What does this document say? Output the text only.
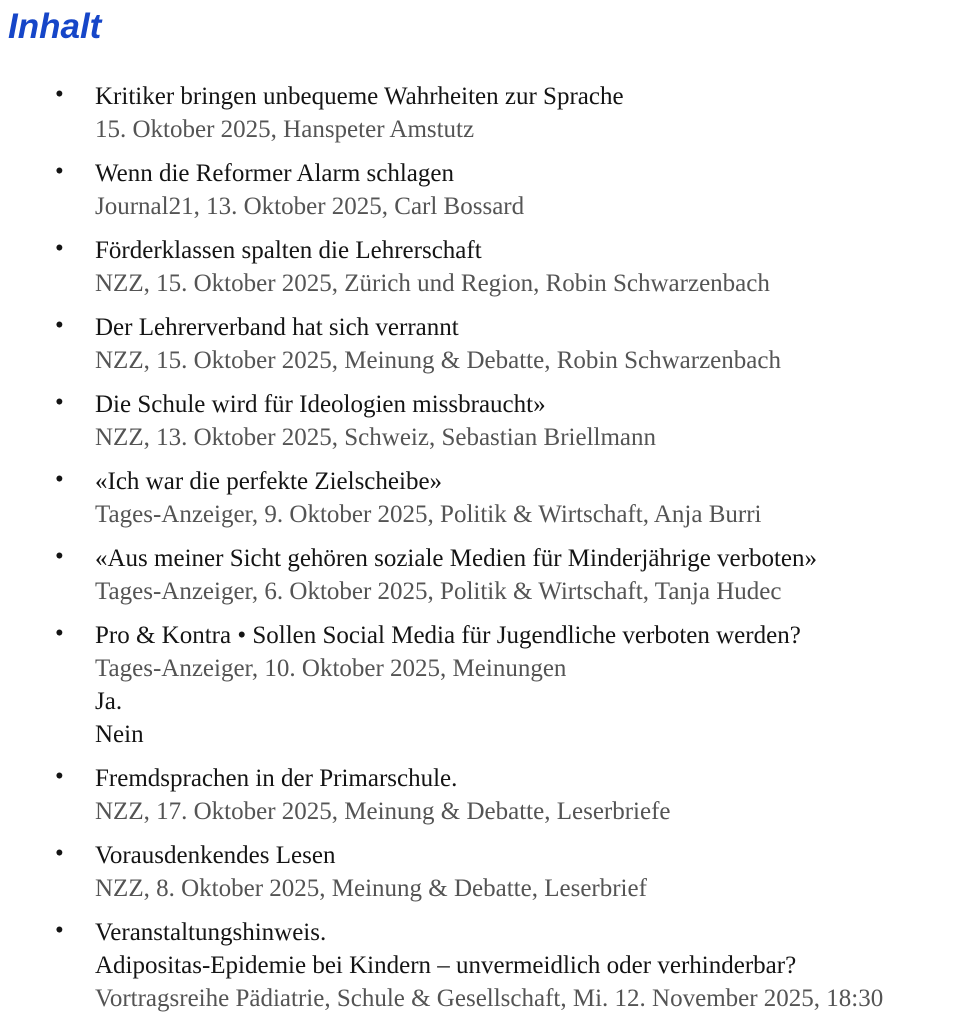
Inhalt
• Kritiker bringen unbequeme Wahrheiten zur Sprache
15. Oktober 2025, Hanspeter Amstutz
• Wenn die Reformer Alarm schlagen
Journal21, 13. Oktober 2025, Carl Bossard
• Förderklassen spalten die Lehrerschaft
NZZ, 15. Oktober 2025, Zürich und Region, Robin Schwarzenbach
• Der Lehrerverband hat sich verrannt
NZZ, 15. Oktober 2025, Meinung & Debatte, Robin Schwarzenbach
• Die Schule wird für Ideologien missbraucht»
NZZ, 13. Oktober 2025, Schweiz, Sebastian Briellmann
• «Ich war die perfekte Zielscheibe»
Tages-Anzeiger, 9. Oktober 2025, Politik & Wirtschaft, Anja Burri
• «Aus meiner Sicht gehören soziale Medien für Minderjährige verboten»
Tages-Anzeiger, 6. Oktober 2025, Politik & Wirtschaft, Tanja Hudec
• Pro & Kontra • Sollen Social Media für Jugendliche verboten werden?
Tages-Anzeiger, 10. Oktober 2025, Meinungen
Ja.
Nein
• Fremdsprachen in der Primarschule.
NZZ, 17. Oktober 2025, Meinung & Debatte, Leserbriefe
• Vorausdenkendes Lesen
NZZ, 8. Oktober 2025, Meinung & Debatte, Leserbrief
• Veranstaltungshinweis.
Adipositas-Epidemie bei Kindern – unvermeidlich oder verhinderbar?
Vortragsreihe Pädiatrie, Schule & Gesellschaft, Mi. 12. November 2025, 18:30
